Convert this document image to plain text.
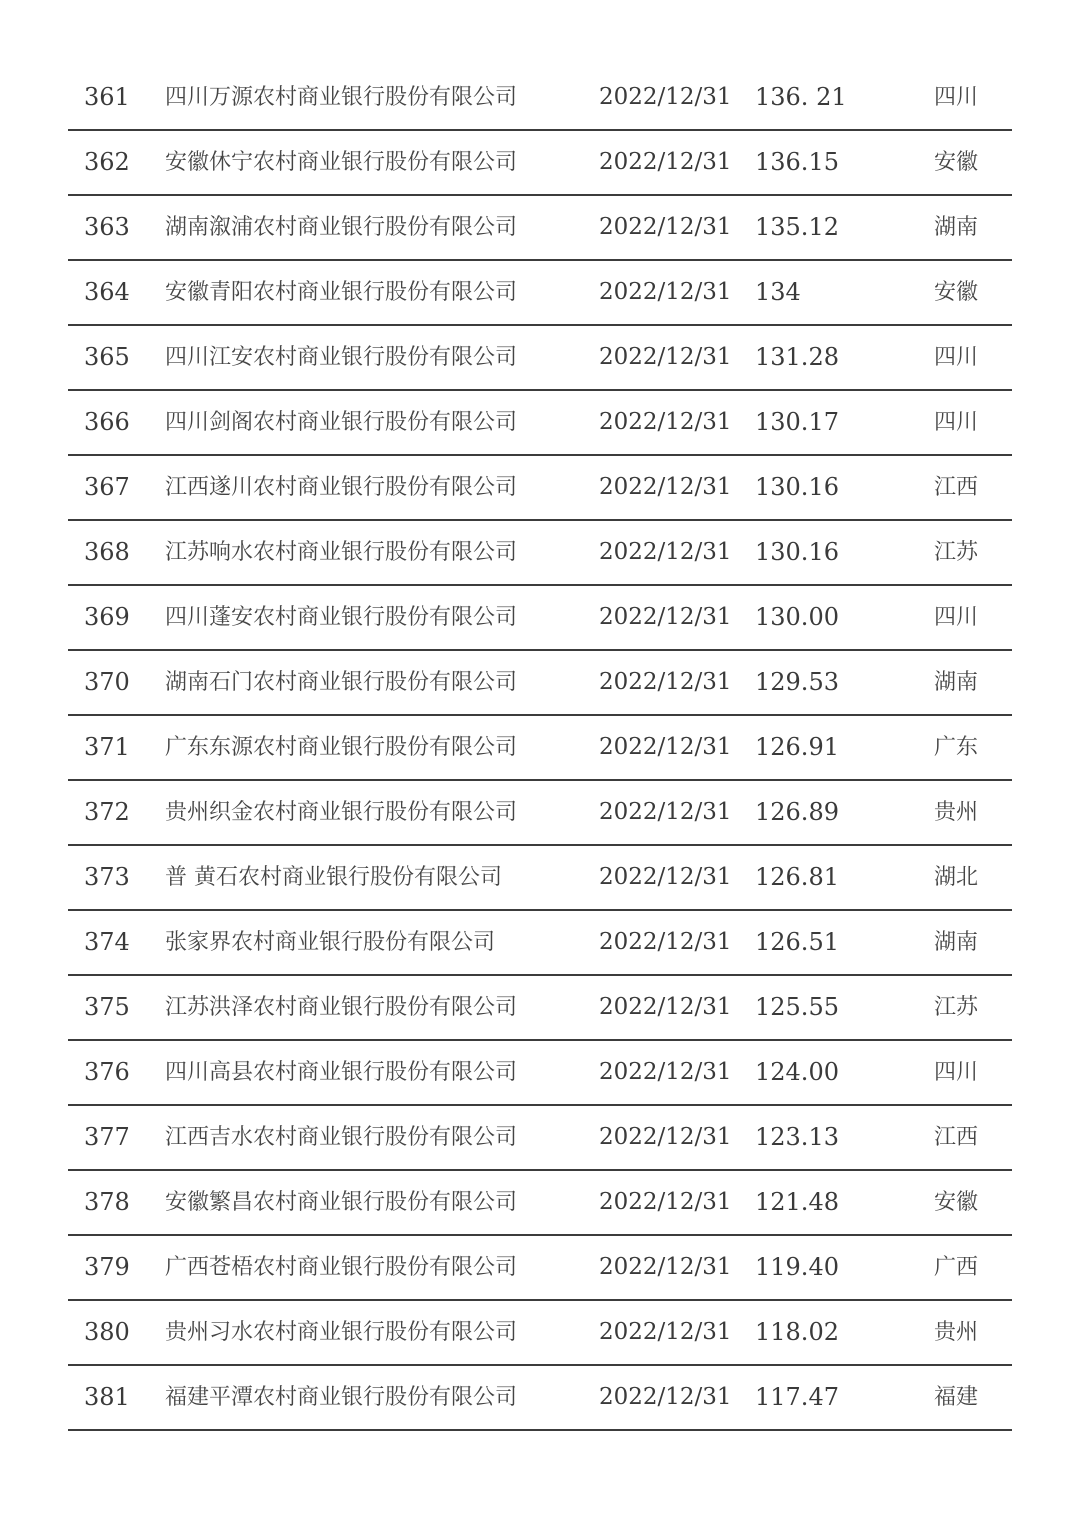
361 四川万源农村商业银行股份有限公司	2022/12/31 136. 21	四川
362 安徽休宁农村商业银行股份有限公司	2022/12/31 136.15	安徽
363 湖南溆浦农村商业银行股份有限公司	2022/12/31 135.12	湖南
364 安徽青阳农村商业银行股份有限公司	2022/12/31 134	安徽
365 四川江安农村商业银行股份有限公司	2022/12/31 131.28	四川
366 四川剑阁农村商业银行股份有限公司	2022/12/31 130.17	四川
367 江西遂川农村商业银行股份有限公司	2022/12/31 130.16	江西
368 江苏响水农村商业银行股份有限公司	2022/12/31 130.16	江苏
369 四川蓬安农村商业银行股份有限公司	2022/12/31 130.00	四川
370 湖南石门农村商业银行股份有限公司	2022/12/31 129.53	湖南
371 广东东源农村商业银行股份有限公司	2022/12/31 126.91	广东
372 贵州织金农村商业银行股份有限公司	2022/12/31 126.89	贵州
373 普 黄石农村商业银行股份有限公司	2022/12/31 126.81	湖北
374 张家界农村商业银行股份有限公司	2022/12/31 126.51	湖南
375 江苏洪泽农村商业银行股份有限公司	2022/12/31 125.55	江苏
376 四川高县农村商业银行股份有限公司	2022/12/31 124.00	四川
377 江西吉水农村商业银行股份有限公司	2022/12/31 123.13	江西
378 安徽繁昌农村商业银行股份有限公司	2022/12/31 121.48	安徽
379 广西苍梧农村商业银行股份有限公司	2022/12/31 119.40	广西
380 贵州习水农村商业银行股份有限公司	2022/12/31 118.02	贵州
381 福建平潭农村商业银行股份有限公司	2022/12/31 117.47	福建
